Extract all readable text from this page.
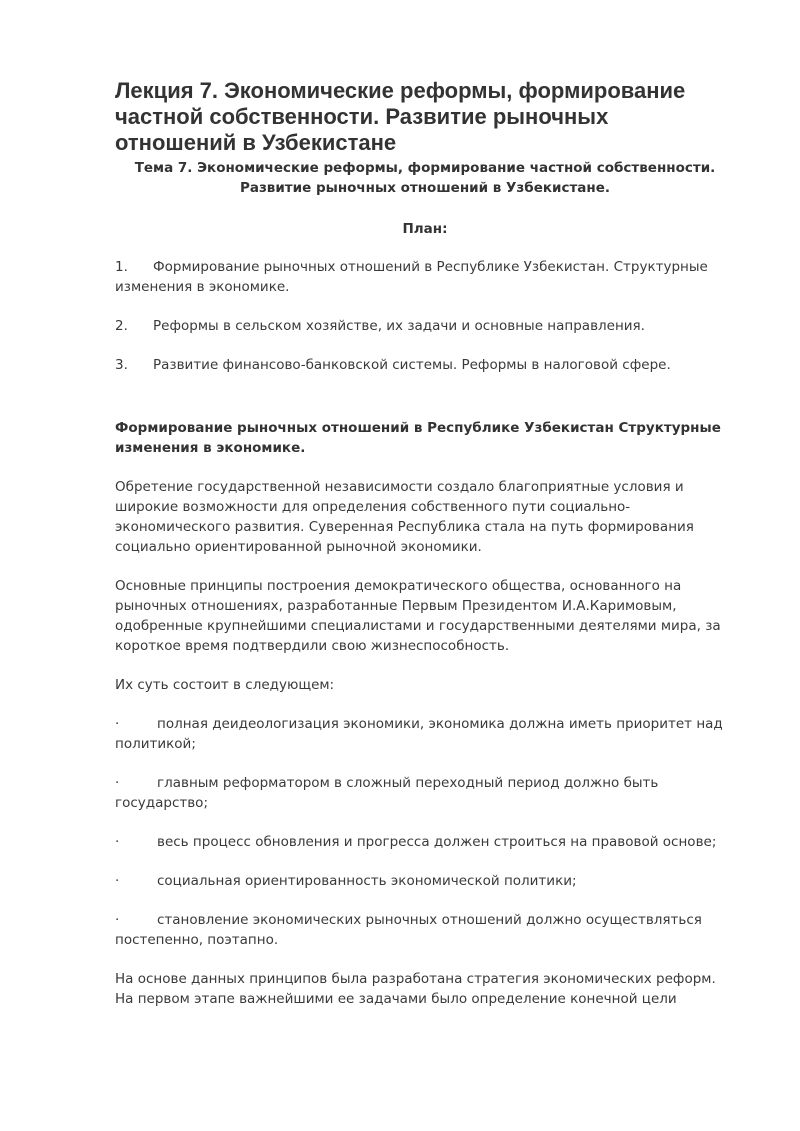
Лекция 7. Экономические реформы, формирование частной собственности. Развитие рыночных отношений в Узбекистане
Тема 7. Экономические реформы, формирование частной собственности. Развитие рыночных отношений в Узбекистане.
План:
1. Формирование рыночных отношений в Республике Узбекистан. Структурные изменения в экономике.
2. Реформы в сельском хозяйстве, их задачи и основные направления.
3. Развитие финансово-банковской системы. Реформы в налоговой сфере.
Формирование рыночных отношений в Республике Узбекистан Структурные изменения в экономике.

Обретение государственной независимости создало благоприятные условия и широкие возможности для определения собственного пути социально-экономического развития. Суверенная Республика стала на путь формирования социально ориентированной рыночной экономики.

Основные принципы построения демократического общества, основанного на рыночных отношениях, разработанные Первым Президентом И.А.Каримовым, одобренные крупнейшими специалистами и государственными деятелями мира, за короткое время подтвердили свою жизнеспособность.

Их суть состоит в следующем:

·	полная деидеологизация экономики, экономика должна иметь приоритет над политикой;
·	главным реформатором в сложный переходный период должно быть государство;
·	весь процесс обновления и прогресса должен строиться на правовой основе;
·	социальная ориентированность экономической политики;
·	становление экономических рыночных отношений должно осуществляться постепенно, поэтапно.

На основе данных принципов была разработана стратегия экономических реформ. На первом этапе важнейшими ее задачами было определение конечной цели
